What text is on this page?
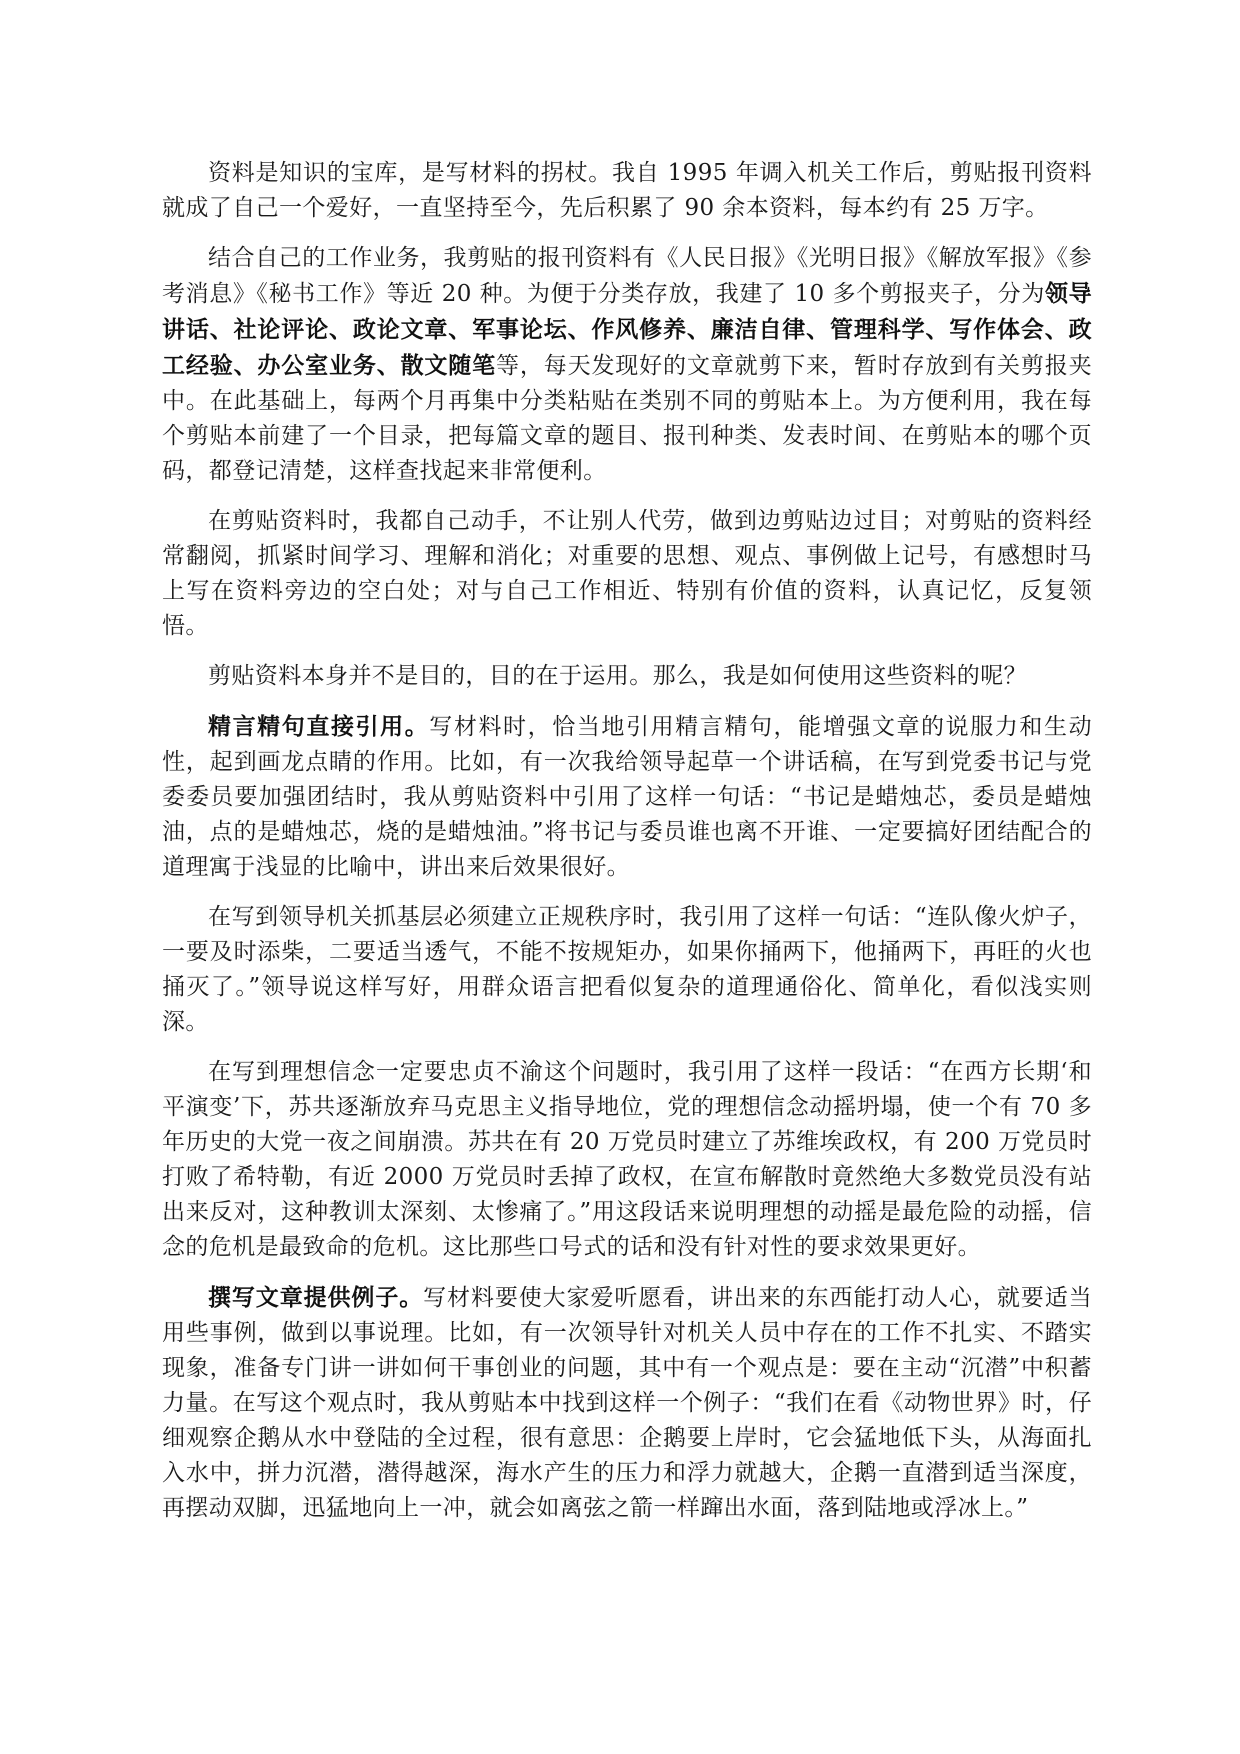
资料是知识的宝库，是写材料的拐杖。我自 1995 年调入机关工作后，剪贴报刊资料就成了自己一个爱好，一直坚持至今，先后积累了 90 余本资料，每本约有 25 万字。

结合自己的工作业务，我剪贴的报刊资料有《人民日报》《光明日报》《解放军报》《参考消息》《秘书工作》等近 20 种。为便于分类存放，我建了 10 多个剪报夹子，分为领导讲话、社论评论、政论文章、军事论坛、作风修养、廉洁自律、管理科学、写作体会、政工经验、办公室业务、散文随笔等，每天发现好的文章就剪下来，暂时存放到有关剪报夹中。在此基础上，每两个月再集中分类粘贴在类别不同的剪贴本上。为方便利用，我在每个剪贴本前建了一个目录，把每篇文章的题目、报刊种类、发表时间、在剪贴本的哪个页码，都登记清楚，这样查找起来非常便利。

在剪贴资料时，我都自己动手，不让别人代劳，做到边剪贴边过目；对剪贴的资料经常翻阅，抓紧时间学习、理解和消化；对重要的思想、观点、事例做上记号，有感想时马上写在资料旁边的空白处；对与自己工作相近、特别有价值的资料，认真记忆，反复领悟。

剪贴资料本身并不是目的，目的在于运用。那么，我是如何使用这些资料的呢？

精言精句直接引用。写材料时，恰当地引用精言精句，能增强文章的说服力和生动性，起到画龙点睛的作用。比如，有一次我给领导起草一个讲话稿，在写到党委书记与党委委员要加强团结时，我从剪贴资料中引用了这样一句话：“书记是蜡烛芯，委员是蜡烛油，点的是蜡烛芯，烧的是蜡烛油。”将书记与委员谁也离不开谁、一定要搞好团结配合的道理寓于浅显的比喻中，讲出来后效果很好。

在写到领导机关抓基层必须建立正规秩序时，我引用了这样一句话：“连队像火炉子，一要及时添柴，二要适当透气，不能不按规矩办，如果你捅两下，他捅两下，再旺的火也捅灭了。”领导说这样写好，用群众语言把看似复杂的道理通俗化、简单化，看似浅实则深。

在写到理想信念一定要忠贞不渝这个问题时，我引用了这样一段话：“在西方长期‘和平演变’下，苏共逐渐放弃马克思主义指导地位，党的理想信念动摇坍塌，使一个有 70 多年历史的大党一夜之间崩溃。苏共在有 20 万党员时建立了苏维埃政权，有 200 万党员时打败了希特勒，有近 2000 万党员时丢掉了政权，在宣布解散时竟然绝大多数党员没有站出来反对，这种教训太深刻、太惨痛了。”用这段话来说明理想的动摇是最危险的动摇，信念的危机是最致命的危机。这比那些口号式的话和没有针对性的要求效果更好。

撰写文章提供例子。写材料要使大家爱听愿看，讲出来的东西能打动人心，就要适当用些事例，做到以事说理。比如，有一次领导针对机关人员中存在的工作不扎实、不踏实现象，准备专门讲一讲如何干事创业的问题，其中有一个观点是：要在主动“沉潜”中积蓄力量。在写这个观点时，我从剪贴本中找到这样一个例子：“我们在看《动物世界》时，仔细观察企鹅从水中登陆的全过程，很有意思：企鹅要上岸时，它会猛地低下头，从海面扎入水中，拼力沉潜，潜得越深，海水产生的压力和浮力就越大，企鹅一直潜到适当深度，再摆动双脚，迅猛地向上一冲，就会如离弦之箭一样蹿出水面，落到陆地或浮冰上。”
